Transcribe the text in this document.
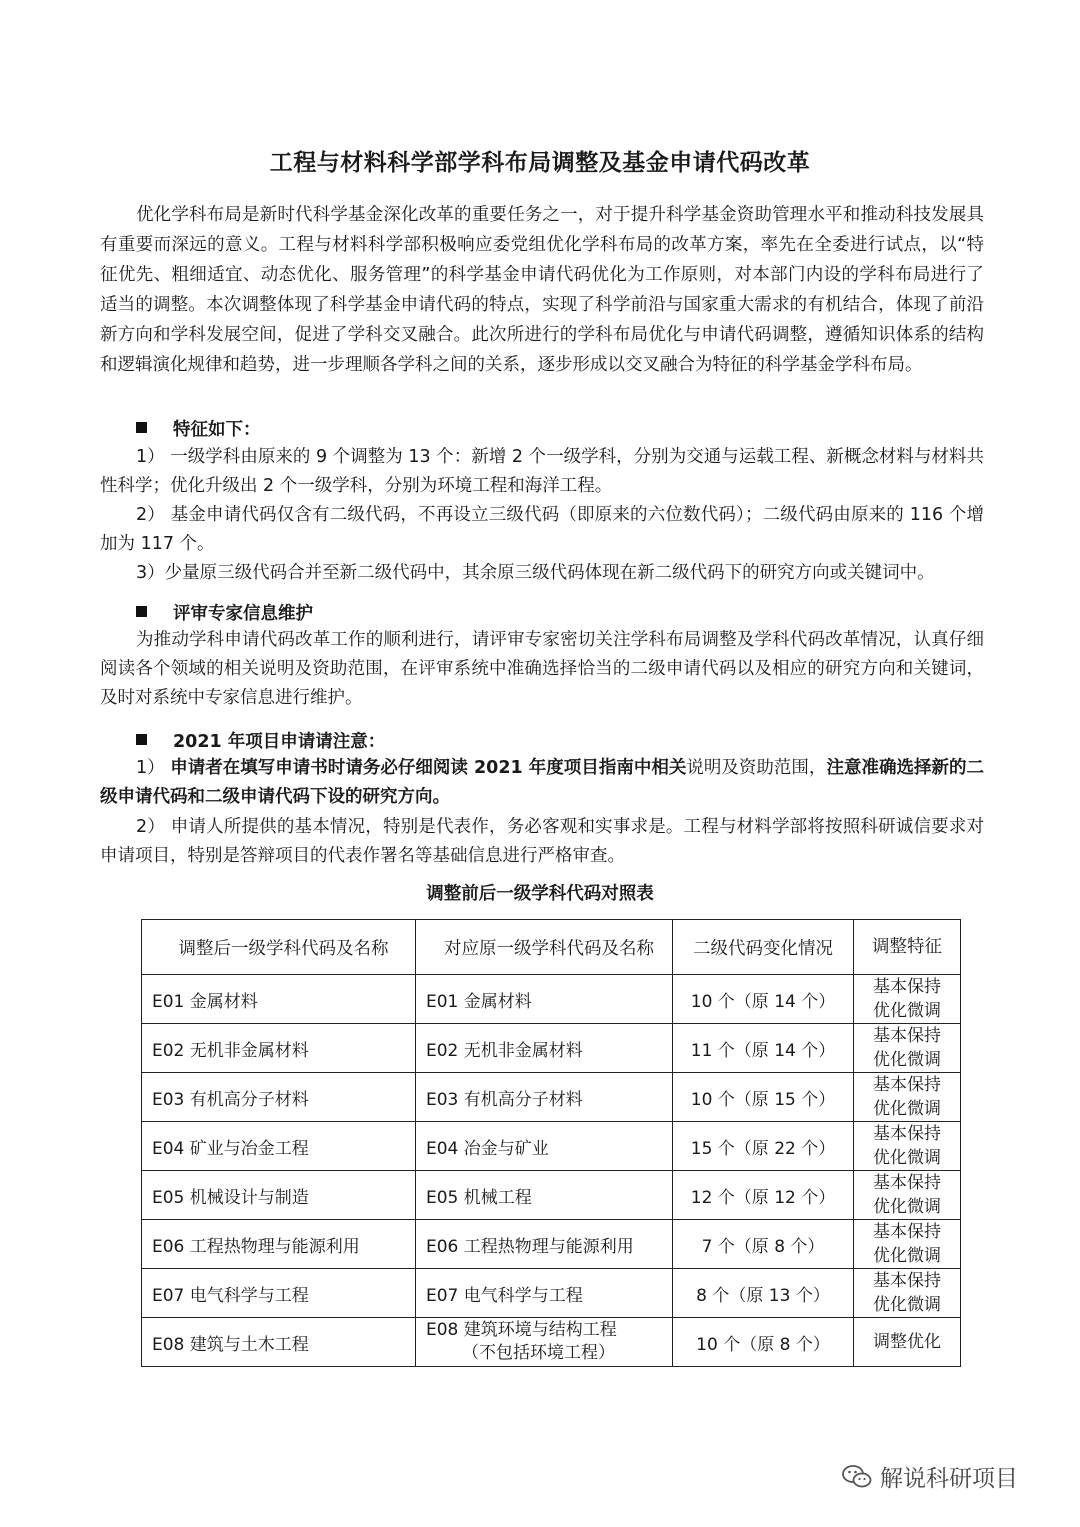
工程与材料科学部学科布局调整及基金申请代码改革
优化学科布局是新时代科学基金深化改革的重要任务之一，对于提升科学基金资助管理水平和推动科技发展具有重要而深远的意义。工程与材料科学部积极响应委党组优化学科布局的改革方案，率先在全委进行试点，以“特征优先、粗细适宜、动态优化、服务管理”的科学基金申请代码优化为工作原则，对本部门内设的学科布局进行了适当的调整。本次调整体现了科学基金申请代码的特点，实现了科学前沿与国家重大需求的有机结合，体现了前沿新方向和学科发展空间，促进了学科交叉融合。此次所进行的学科布局优化与申请代码调整，遵循知识体系的结构和逻辑演化规律和趋势，进一步理顺各学科之间的关系，逐步形成以交叉融合为特征的科学基金学科布局。
特征如下：
1） 一级学科由原来的 9 个调整为 13 个：新增 2 个一级学科，分别为交通与运载工程、新概念材料与材料共性科学；优化升级出 2 个一级学科，分别为环境工程和海洋工程。
2） 基金申请代码仅含有二级代码，不再设立三级代码（即原来的六位数代码）；二级代码由原来的 116 个增加为 117 个。
3）少量原三级代码合并至新二级代码中，其余原三级代码体现在新二级代码下的研究方向或关键词中。
评审专家信息维护
为推动学科申请代码改革工作的顺利进行，请评审专家密切关注学科布局调整及学科代码改革情况，认真仔细阅读各个领域的相关说明及资助范围，在评审系统中准确选择恰当的二级申请代码以及相应的研究方向和关键词，及时对系统中专家信息进行维护。
2021 年项目申请请注意：
1） 申请者在填写申请书时请务必仔细阅读 2021 年度项目指南中相关说明及资助范围，注意准确选择新的二级申请代码和二级申请代码下设的研究方向。
2） 申请人所提供的基本情况，特别是代表作，务必客观和实事求是。工程与材料学部将按照科研诚信要求对申请项目，特别是答辩项目的代表作署名等基础信息进行严格审查。
调整前后一级学科代码对照表
调整后一级学科代码及名称	对应原一级学科代码及名称	二级代码变化情况	调整特征
E01 金属材料	E01 金属材料	10 个（原 14 个）	基本保持
优化微调

E02 无机非金属材料	E02 无机非金属材料	11 个（原 14 个）	基本保持
优化微调

E03 有机高分子材料	E03 有机高分子材料	10 个（原 15 个）	基本保持
优化微调

E04 矿业与冶金工程	E04 冶金与矿业	15 个（原 22 个）	基本保持
优化微调

E05 机械设计与制造	E05 机械工程	12 个（原 12 个）	基本保持
优化微调

E06 工程热物理与能源利用	E06 工程热物理与能源利用	7 个（原 8 个）	基本保持
优化微调

E07 电气科学与工程	E07 电气科学与工程	8 个（原 13 个）	基本保持
优化微调

E08 建筑与土木工程	E08 建筑环境与结构工程
（不包括环境工程）	10 个（原 8 个）	调整优化
解说科研项目
